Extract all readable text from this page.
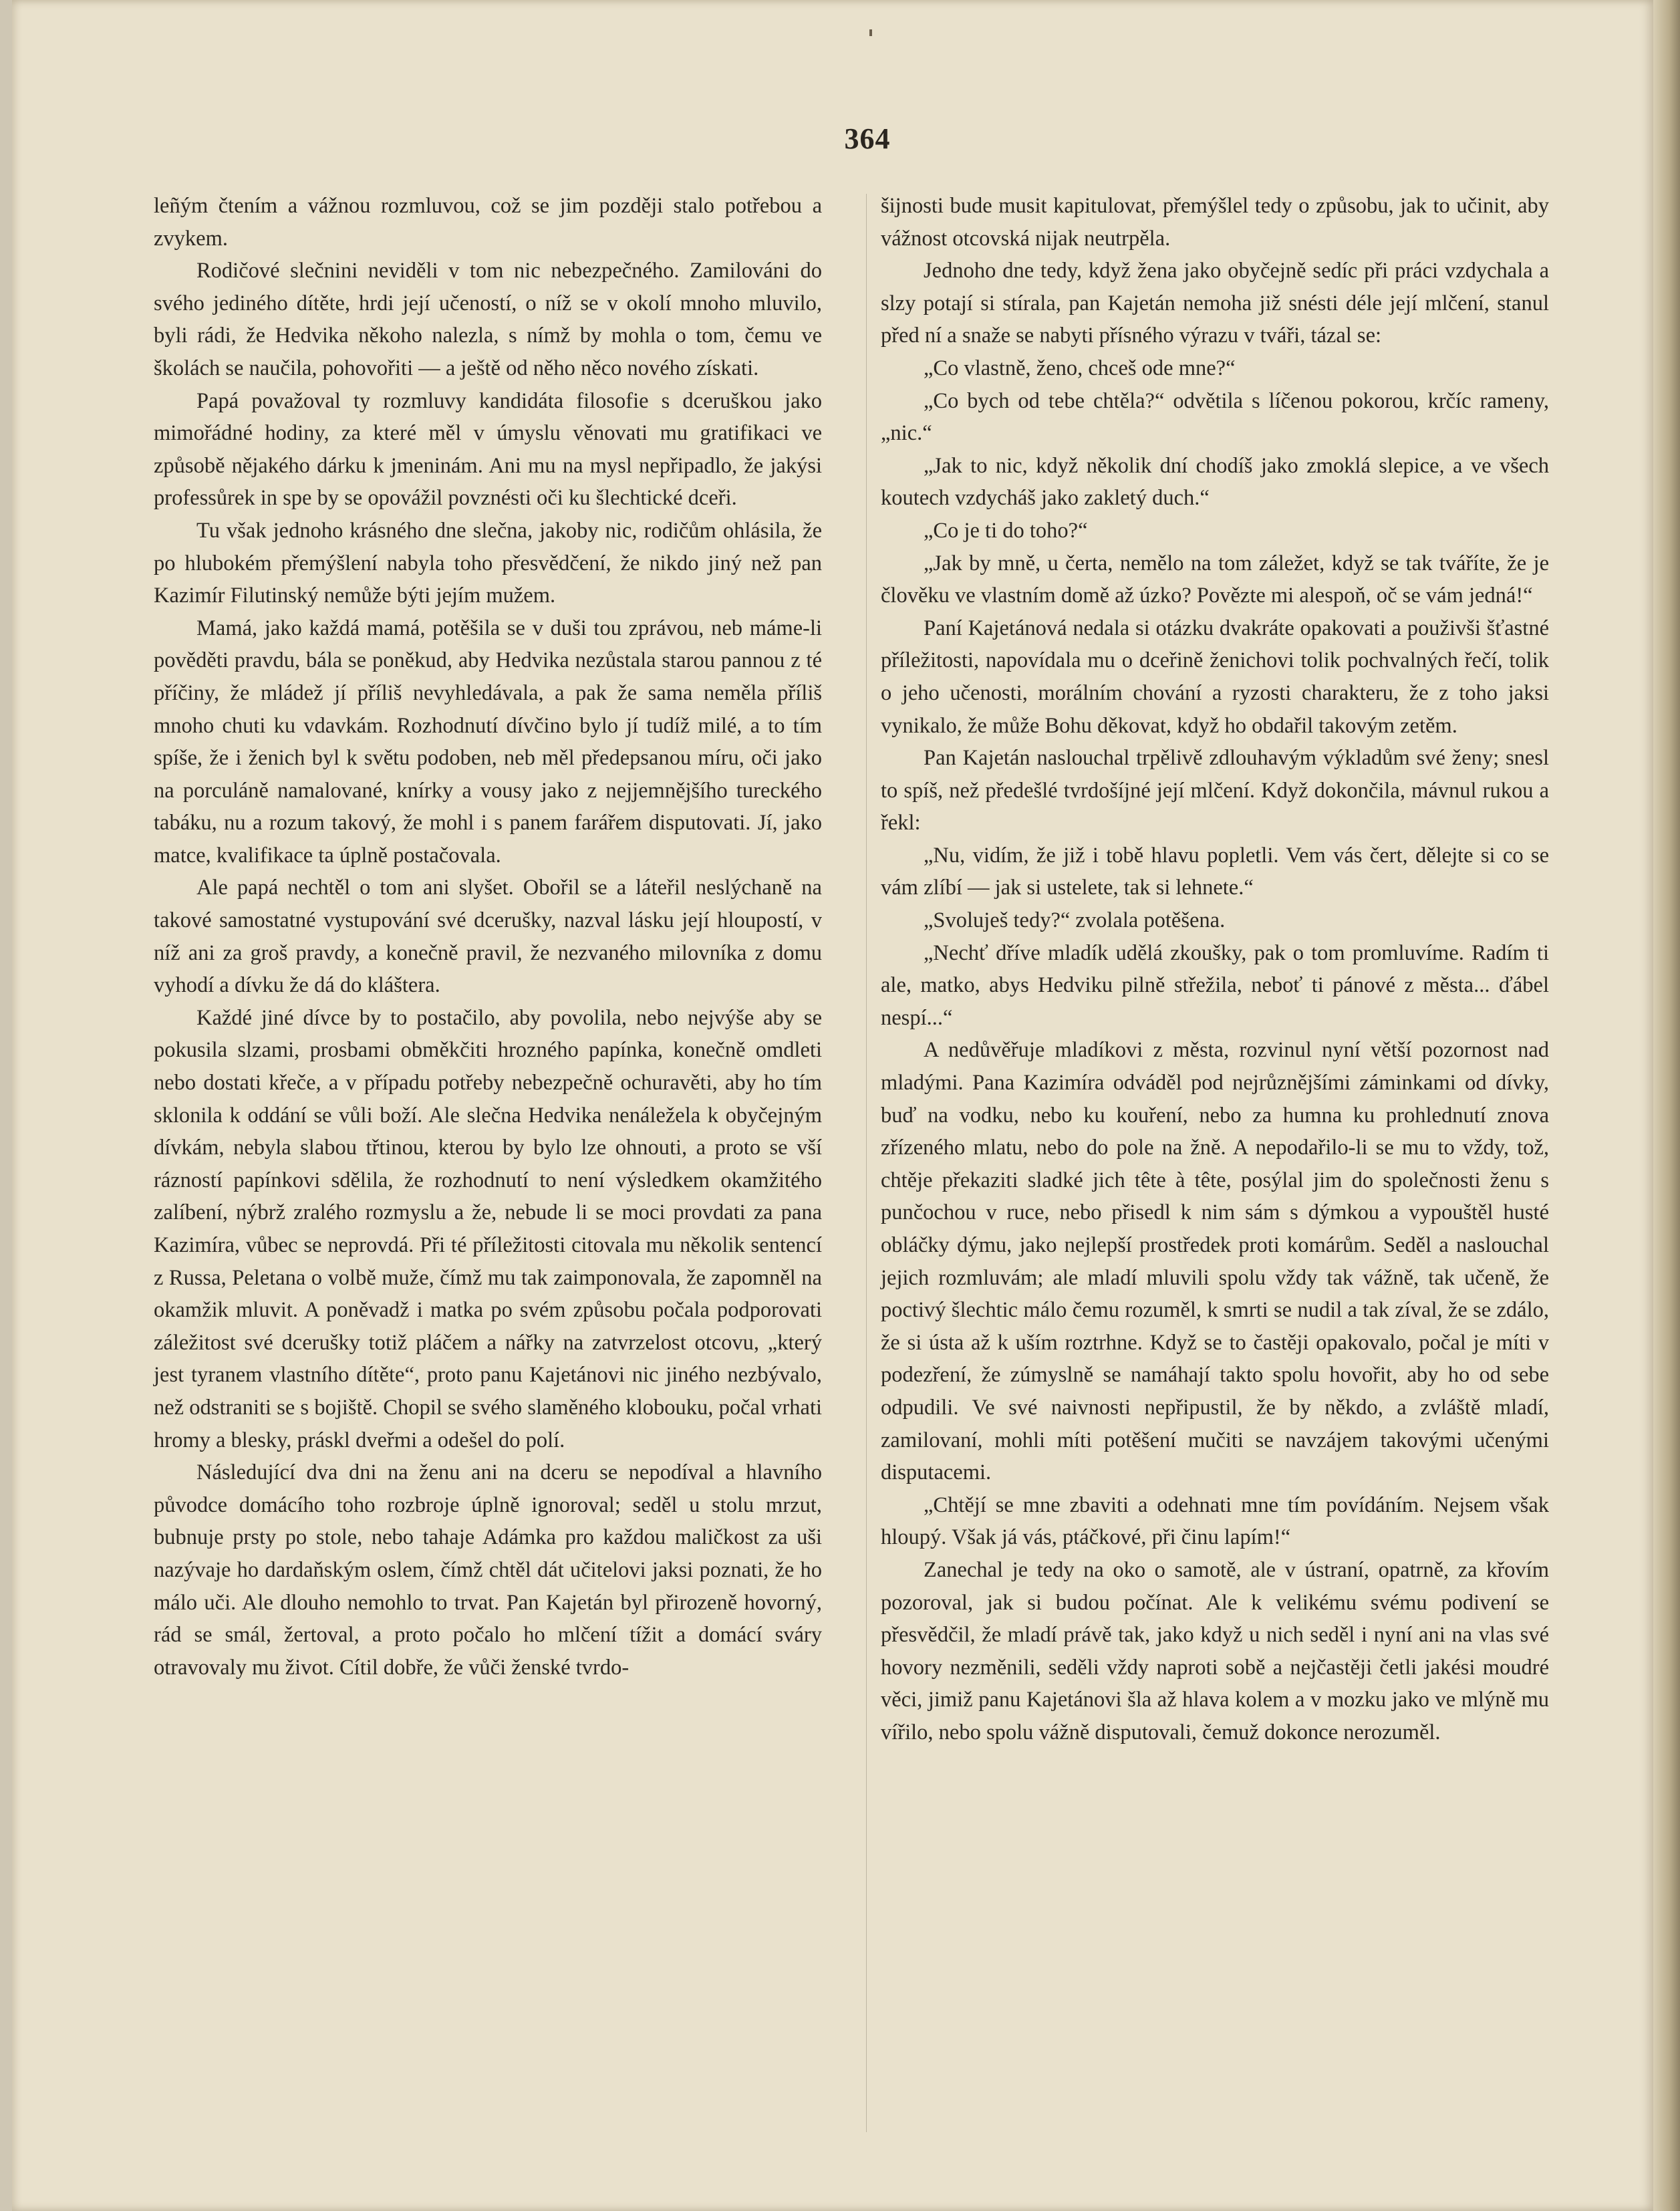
364

leñým čtením a vážnou rozmluvou, což se jim později stalo potřebou a zvykem.

Rodičové slečnini neviděli v tom nic nebezpečného. Zamilováni do svého jediného dítěte, hrdi její učeností, o níž se v okolí mnoho mluvilo, byli rádi, že Hedvika někoho nalezla, s nímž by mohla o tom, čemu ve školách se naučila, pohovořiti — a ještě od něho něco nového získati.

Papá považoval ty rozmluvy kandidáta filosofie s dceruškou jako mimořádné hodiny, za které měl v úmyslu věnovati mu gratifikaci ve způsobě nějakého dárku k jmeninám. Ani mu na mysl nepřipadlo, že jakýsi professůrek in spe by se opovážil povznésti oči ku šlechtické dceři.

Tu však jednoho krásného dne slečna, jakoby nic, rodičům ohlásila, že po hlubokém přemýšlení nabyla toho přesvědčení, že nikdo jiný než pan Kazimír Filutinský nemůže býti jejím mužem.

Mamá, jako každá mamá, potěšila se v duši tou zprávou, neb máme-li pověděti pravdu, bála se poněkud, aby Hedvika nezůstala starou pannou z té příčiny, že mládež jí příliš nevyhledávala, a pak že sama neměla příliš mnoho chuti ku vdavkám. Rozhodnutí dívčino bylo jí tudíž milé, a to tím spíše, že i ženich byl k světu podoben, neb měl předepsanou míru, oči jako na porculáně namalované, knírky a vousy jako z nejjemnějšího tureckého tabáku, nu a rozum takový, že mohl i s panem farářem disputovati. Jí, jako matce, kvalifikace ta úplně postačovala.

Ale papá nechtěl o tom ani slyšet. Obořil se a láteřil neslýchaně na takové samostatné vystupování své dcerušky, nazval lásku její hloupostí, v níž ani za groš pravdy, a konečně pravil, že nezvaného milovníka z domu vyhodí a dívku že dá do kláštera.

Každé jiné dívce by to postačilo, aby povolila, nebo nejvýše aby se pokusila slzami, prosbami obměkčiti hrozného papínka, konečně omdleti nebo dostati křeče, a v případu potřeby nebezpečně ochuravěti, aby ho tím sklonila k oddání se vůli boží. Ale slečna Hedvika nenáležela k obyčejným dívkám, nebyla slabou třtinou, kterou by bylo lze ohnouti, a proto se vší rázností papínkovi sdělila, že rozhodnutí to není výsledkem okamžitého zalíbení, nýbrž zralého rozmyslu a že, nebude li se moci provdati za pana Kazimíra, vůbec se neprovdá. Při té příležitosti citovala mu několik sentencí z Russa, Peletana o volbě muže, čímž mu tak zaimponovala, že zapomněl na okamžik mluvit. A poněvadž i matka po svém způsobu počala podporovati záležitost své dcerušky totiž pláčem a nářky na zatvrzelost otcovu, „který jest tyranem vlastního dítěte“, proto panu Kajetánovi nic jiného nezbývalo, než odstraniti se s bojiště. Chopil se svého slaměného klobouku, počal vrhati hromy a blesky, práskl dveřmi a odešel do polí.

Následující dva dni na ženu ani na dceru se nepodíval a hlavního původce domácího toho rozbroje úplně ignoroval; seděl u stolu mrzut, bubnuje prsty po stole, nebo tahaje Adámka pro každou maličkost za uši nazývaje ho dardaňským oslem, čímž chtěl dát učitelovi jaksi poznati, že ho málo uči. Ale dlouho nemohlo to trvat. Pan Kajetán byl přirozeně hovorný, rád se smál, žertoval, a proto počalo ho mlčení tížit a domácí sváry otravovaly mu život. Cítil dobře, že vůči ženské tvrdo-

šijnosti bude musit kapitulovat, přemýšlel tedy o způsobu, jak to učinit, aby vážnost otcovská nijak neutrpěla.

Jednoho dne tedy, když žena jako obyčejně sedíc při práci vzdychala a slzy potají si stírala, pan Kajetán nemoha již snésti déle její mlčení, stanul před ní a snaže se nabyti přísného výrazu v tváři, tázal se:

„Co vlastně, ženo, chceš ode mne?“

„Co bych od tebe chtěla?“ odvětila s líčenou pokorou, krčíc rameny, „nic.“

„Jak to nic, když několik dní chodíš jako zmoklá slepice, a ve všech koutech vzdycháš jako zakletý duch.“

„Co je ti do toho?“

„Jak by mně, u čerta, nemělo na tom záležet, když se tak tváříte, že je člověku ve vlastním domě až úzko? Povězte mi alespoň, oč se vám jedná!“

Paní Kajetánová nedala si otázku dvakráte opakovati a použivši šťastné příležitosti, napovídala mu o dceřině ženichovi tolik pochvalných řečí, tolik o jeho učenosti, morálním chování a ryzosti charakteru, že z toho jaksi vynikalo, že může Bohu děkovat, když ho obdařil takovým zetěm.

Pan Kajetán naslouchal trpělivě zdlouhavým výkladům své ženy; snesl to spíš, než předešlé tvrdošíjné její mlčení. Když dokončila, mávnul rukou a řekl:

„Nu, vidím, že již i tobě hlavu popletli. Vem vás čert, dělejte si co se vám zlíbí — jak si ustelete, tak si lehnete.“

„Svoluješ tedy?“ zvolala potěšena.

„Nechť dříve mladík udělá zkoušky, pak o tom promluvíme. Radím ti ale, matko, abys Hedviku pilně střežila, neboť ti pánové z města... ďábel nespí...“

A nedůvěřuje mladíkovi z města, rozvinul nyní větší pozornost nad mladými. Pana Kazimíra odváděl pod nejrůznějšími záminkami od dívky, buď na vodku, nebo ku kouření, nebo za humna ku prohlednutí znova zřízeného mlatu, nebo do pole na žně. A nepodařilo-li se mu to vždy, tož, chtěje překaziti sladké jich tête à tête, posýlal jim do společnosti ženu s punčochou v ruce, nebo přisedl k nim sám s dýmkou a vypouštěl husté obláčky dýmu, jako nejlepší prostředek proti komárům. Seděl a naslouchal jejich rozmluvám; ale mladí mluvili spolu vždy tak vážně, tak učeně, že poctivý šlechtic málo čemu rozuměl, k smrti se nudil a tak zíval, že se zdálo, že si ústa až k uším roztrhne. Když se to častěji opakovalo, počal je míti v podezření, že zúmyslně se namáhají takto spolu hovořit, aby ho od sebe odpudili. Ve své naivnosti nepřipustil, že by někdo, a zvláště mladí, zamilovaní, mohli míti potěšení mučiti se navzájem takovými učenými disputacemi.

„Chtějí se mne zbaviti a odehnati mne tím povídáním. Nejsem však hloupý. Však já vás, ptáčkové, při činu lapím!“

Zanechal je tedy na oko o samotě, ale v ústraní, opatrně, za křovím pozoroval, jak si budou počínat. Ale k velikému svému podivení se přesvědčil, že mladí právě tak, jako když u nich seděl i nyní ani na vlas své hovory nezměnili, seděli vždy naproti sobě a nejčastěji četli jakési moudré věci, jimiž panu Kajetánovi šla až hlava kolem a v mozku jako ve mlýně mu vířilo, nebo spolu vážně disputovali, čemuž dokonce nerozuměl.
